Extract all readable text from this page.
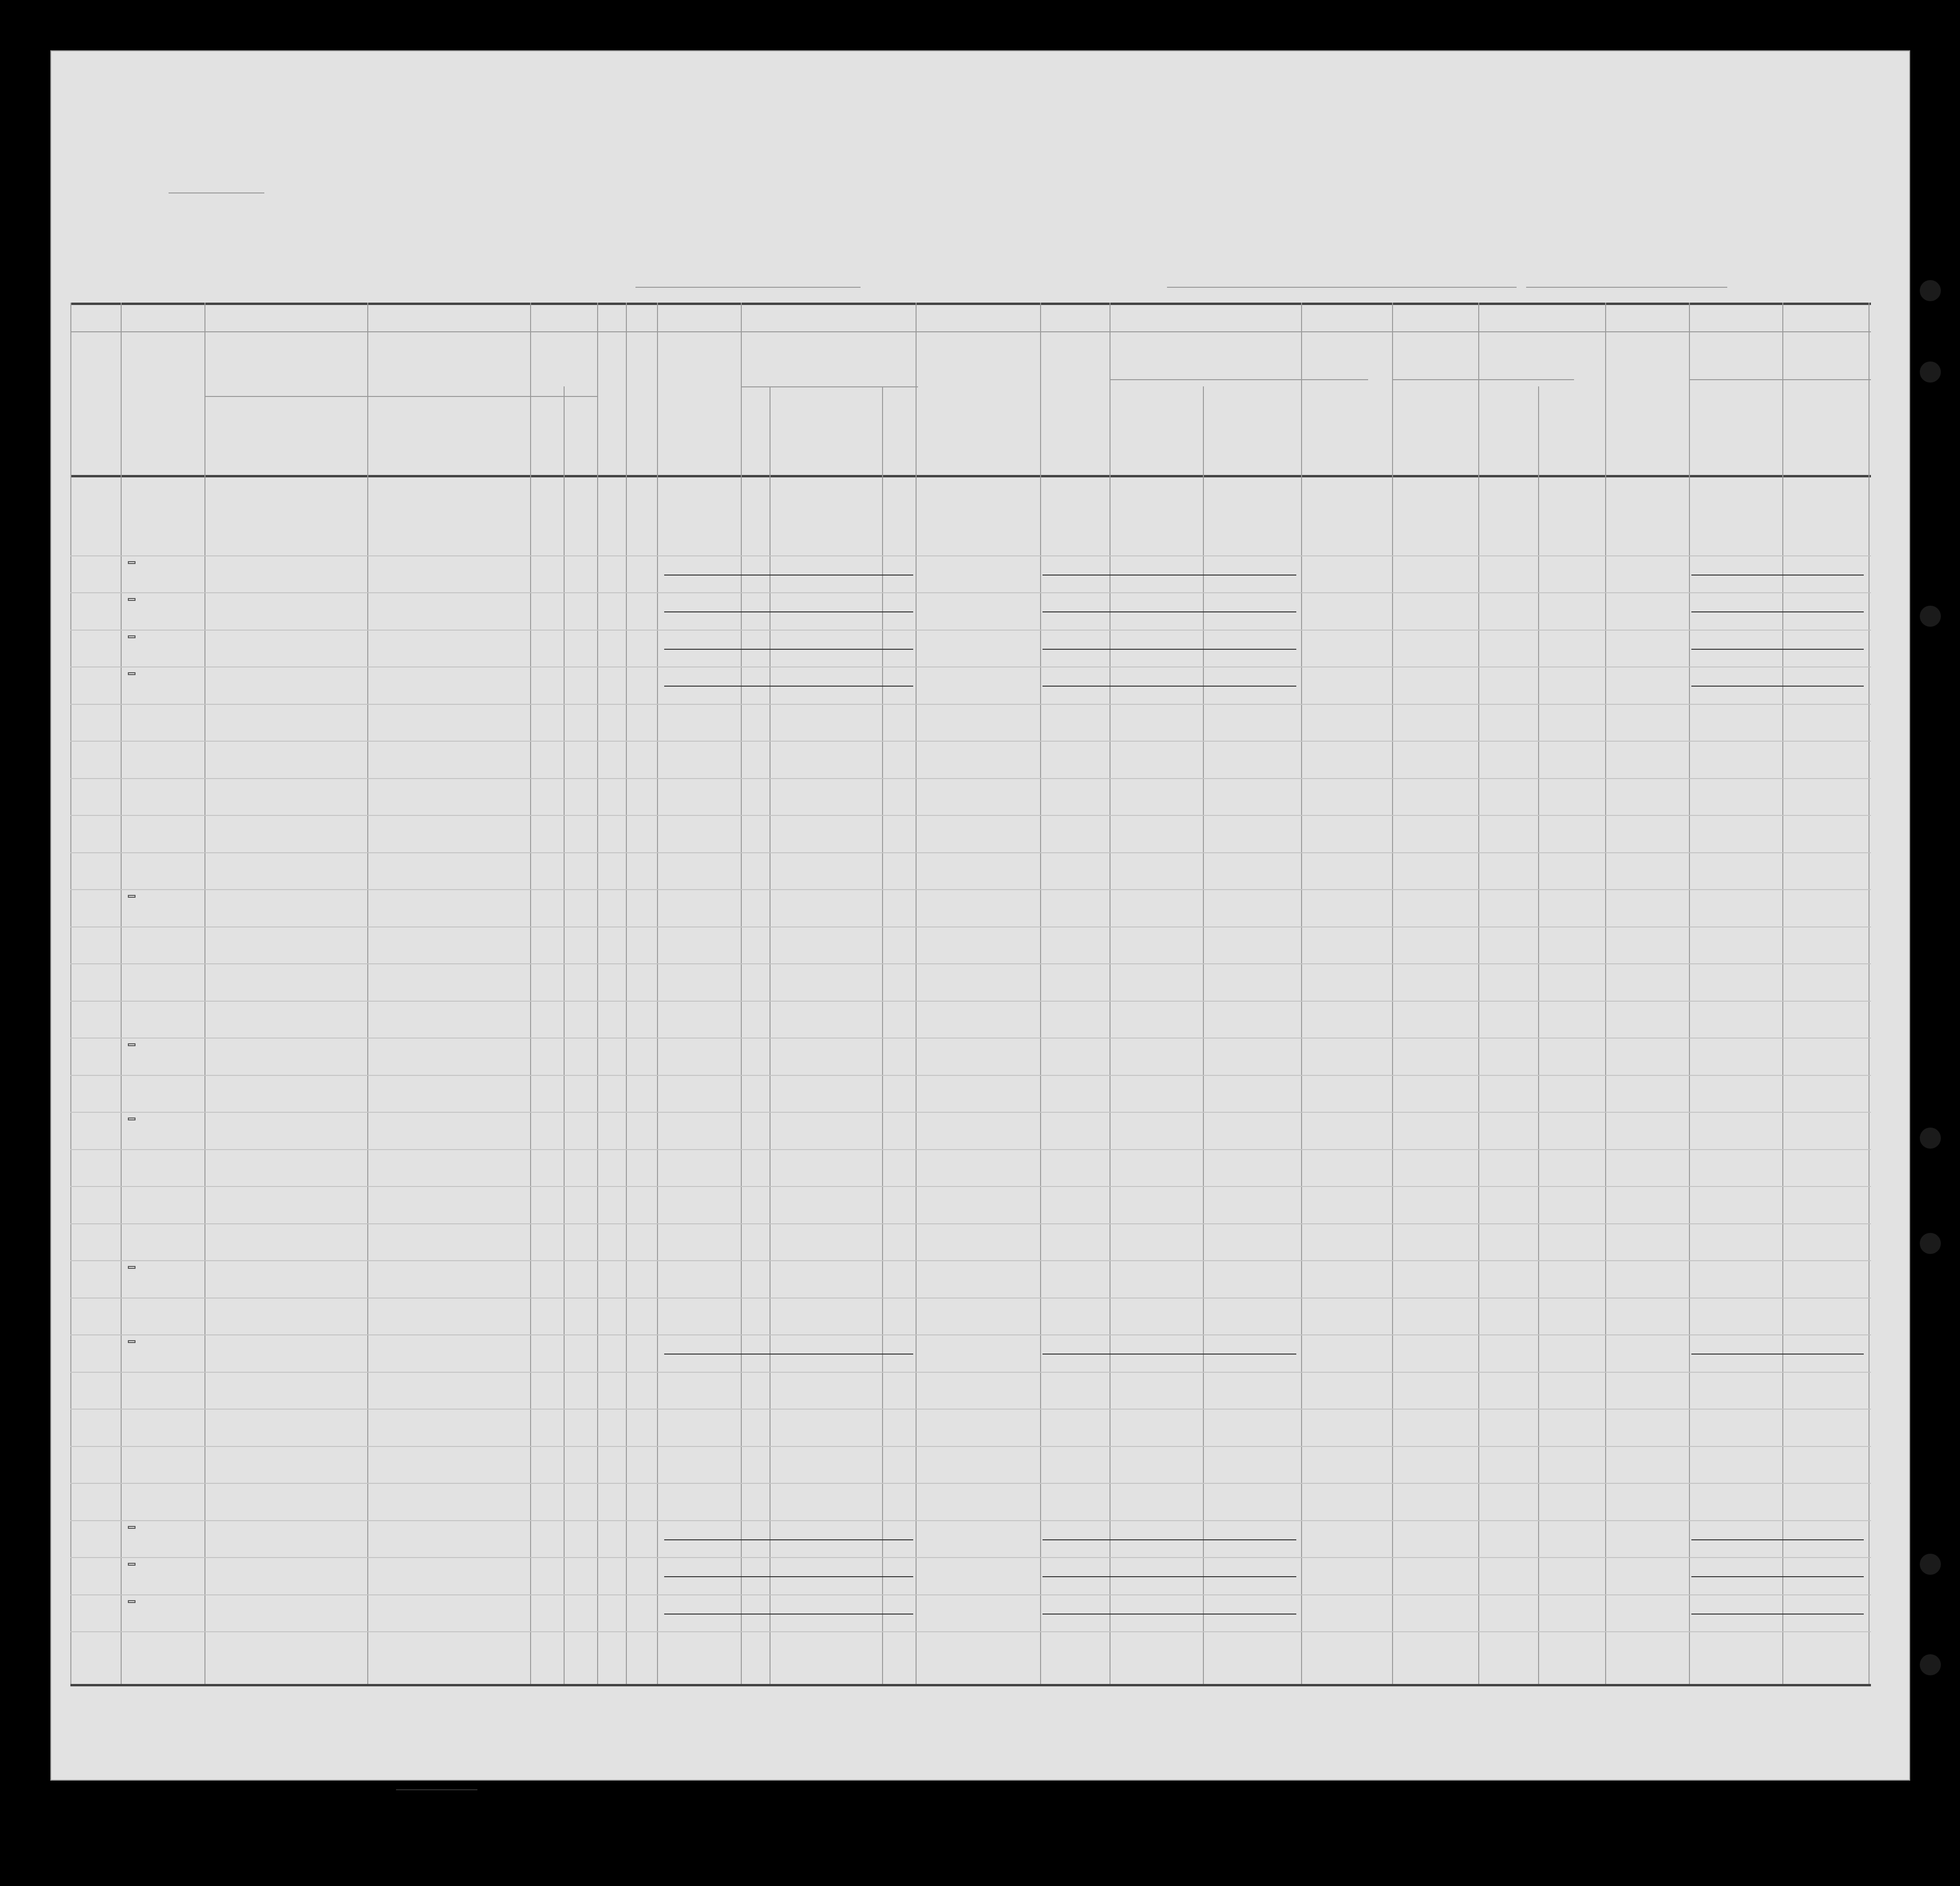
. . . . .
